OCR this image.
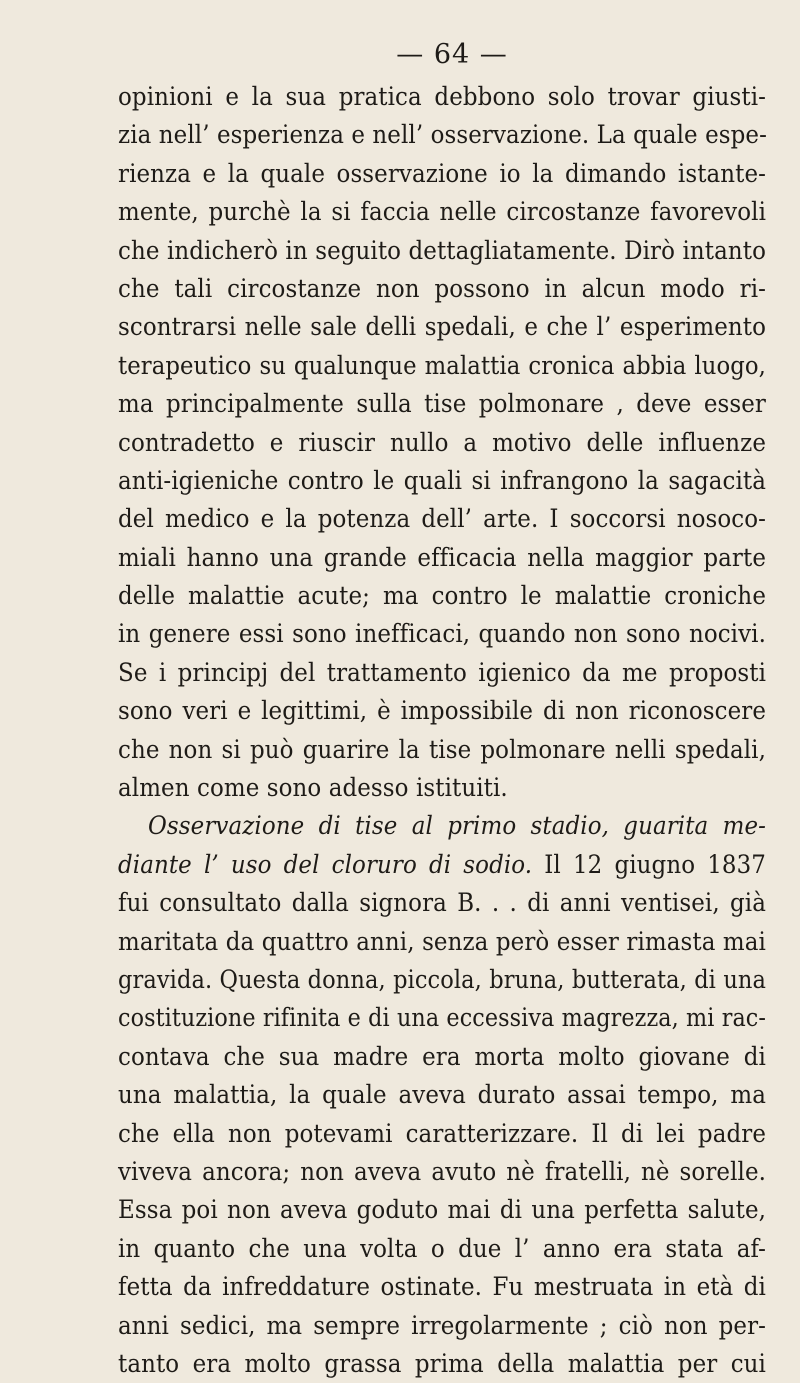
— 64 —
opinioni e la sua pratica debbono solo trovar giusti-
zia nell’ esperienza e nell’ osservazione. La quale espe-
rienza e la quale osservazione io la dimando istante-
mente, purchè la si faccia nelle circostanze favorevoli
che indicherò in seguito dettagliatamente. Dirò intanto
che tali circostanze non possono in alcun modo ri-
scontrarsi nelle sale delli spedali, e che l’ esperimento
terapeutico su qualunque malattia cronica abbia luogo,
ma principalmente sulla tise polmonare , deve esser
contradetto e riuscir nullo a motivo delle influenze
anti-igieniche contro le quali si infrangono la sagacità
del medico e la potenza dell’ arte. I soccorsi nosoco-
miali hanno una grande efficacia nella maggior parte
delle malattie acute; ma contro le malattie croniche
in genere essi sono inefficaci, quando non sono nocivi.
Se i principj del trattamento igienico da me proposti
sono veri e legittimi, è impossibile di non riconoscere
che non si può guarire la tise polmonare nelli spedali,
almen come sono adesso istituiti.
Osservazione di tise al primo stadio, guarita me-
diante l’ uso del cloruro di sodio. Il 12 giugno 1837
fui consultato dalla signora B. . . di anni ventisei, già
maritata da quattro anni, senza però esser rimasta mai
gravida. Questa donna, piccola, bruna, butterata, di una
costituzione rifinita e di una eccessiva magrezza, mi rac-
contava che sua madre era morta molto giovane di
una malattia, la quale aveva durato assai tempo, ma
che ella non potevami caratterizzare. Il di lei padre
viveva ancora; non aveva avuto nè fratelli, nè sorelle.
Essa poi non aveva goduto mai di una perfetta salute,
in quanto che una volta o due l’ anno era stata af-
fetta da infreddature ostinate. Fu mestruata in età di
anni sedici, ma sempre irregolarmente ; ciò non per-
tanto era molto grassa prima della malattia per cui
